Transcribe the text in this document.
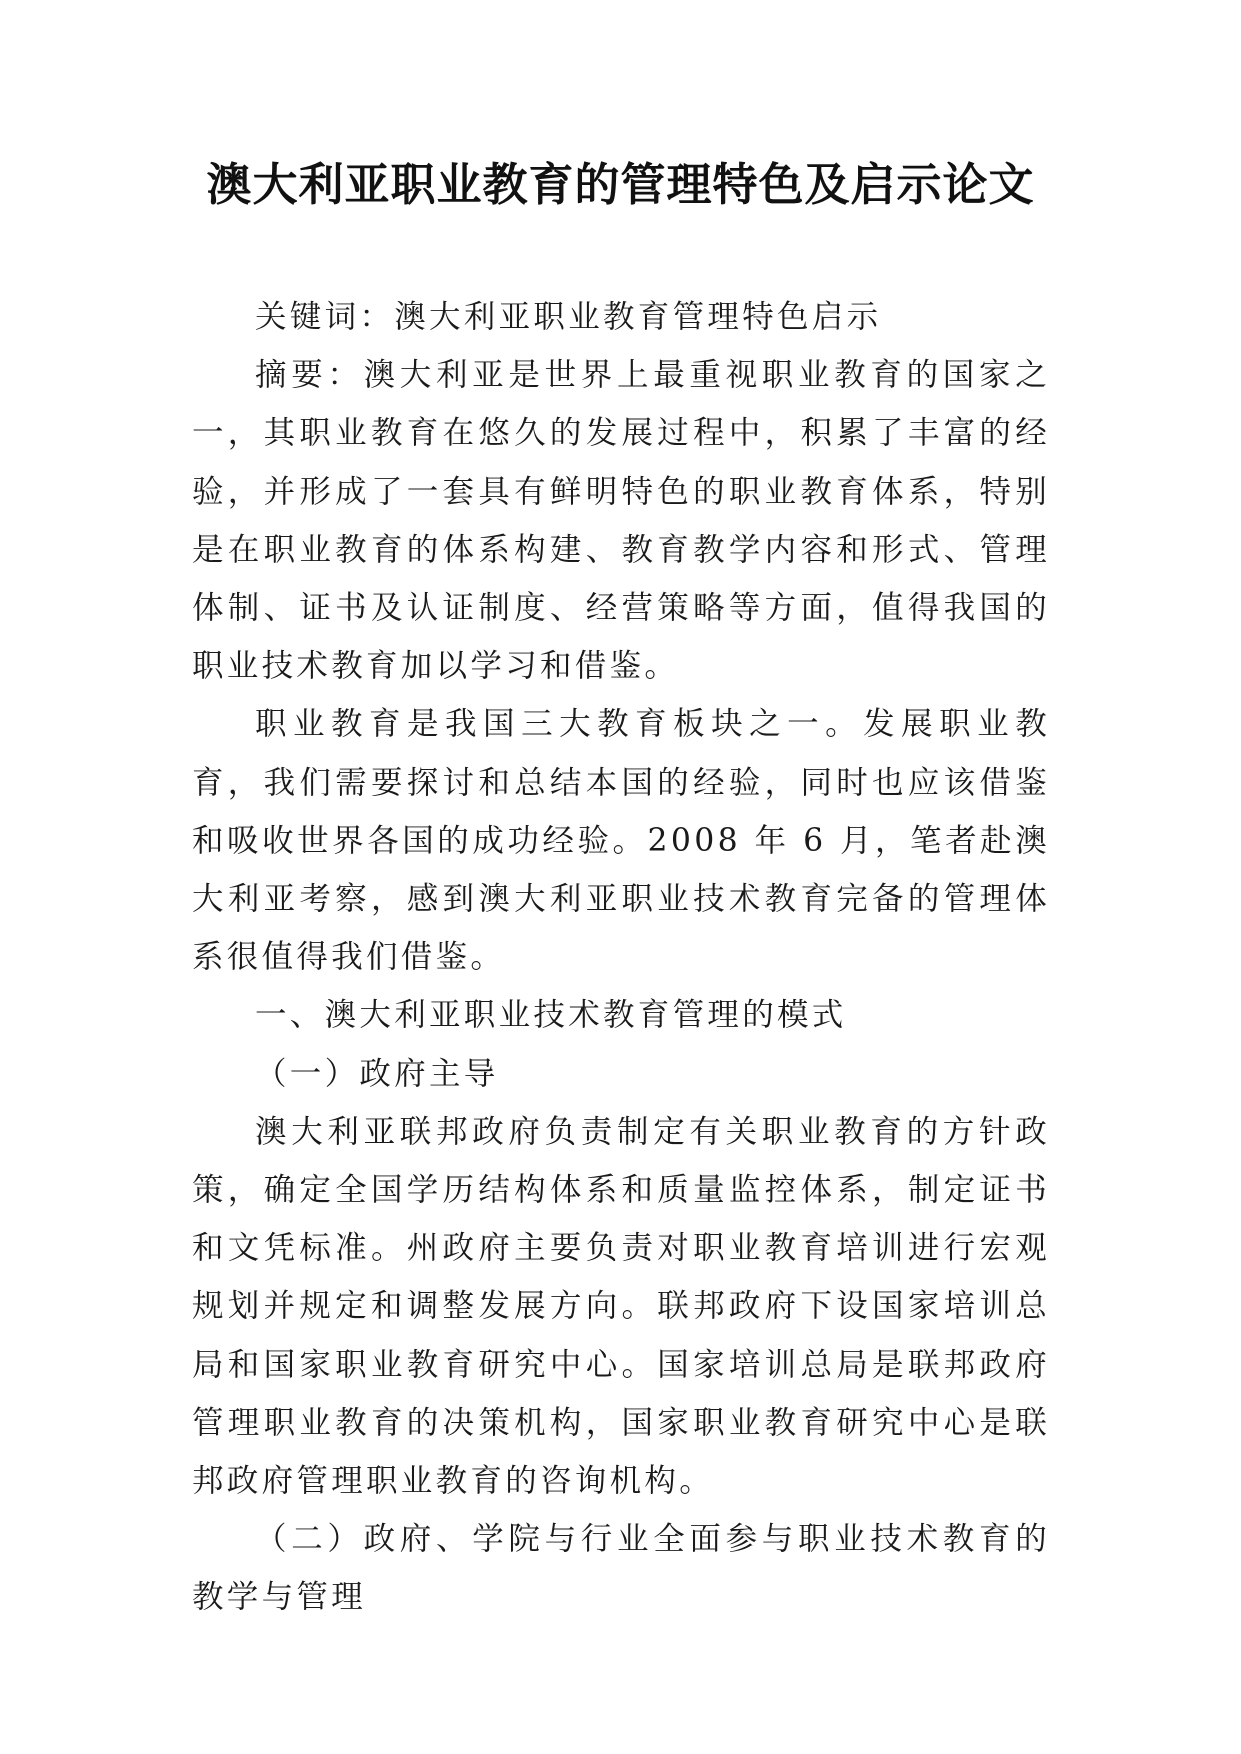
澳大利亚职业教育的管理特色及启示论文

关键词：澳大利亚职业教育管理特色启示

摘要：澳大利亚是世界上最重视职业教育的国家之一，其职业教育在悠久的发展过程中，积累了丰富的经验，并形成了一套具有鲜明特色的职业教育体系，特别是在职业教育的体系构建、教育教学内容和形式、管理体制、证书及认证制度、经营策略等方面，值得我国的职业技术教育加以学习和借鉴。

职业教育是我国三大教育板块之一。发展职业教育，我们需要探讨和总结本国的经验，同时也应该借鉴和吸收世界各国的成功经验。2008 年 6 月，笔者赴澳大利亚考察，感到澳大利亚职业技术教育完备的管理体系很值得我们借鉴。

一、澳大利亚职业技术教育管理的模式

（一）政府主导

澳大利亚联邦政府负责制定有关职业教育的方针政策，确定全国学历结构体系和质量监控体系，制定证书和文凭标准。州政府主要负责对职业教育培训进行宏观规划并规定和调整发展方向。联邦政府下设国家培训总局和国家职业教育研究中心。国家培训总局是联邦政府管理职业教育的决策机构，国家职业教育研究中心是联邦政府管理职业教育的咨询机构。

（二）政府、学院与行业全面参与职业技术教育的教学与管理
